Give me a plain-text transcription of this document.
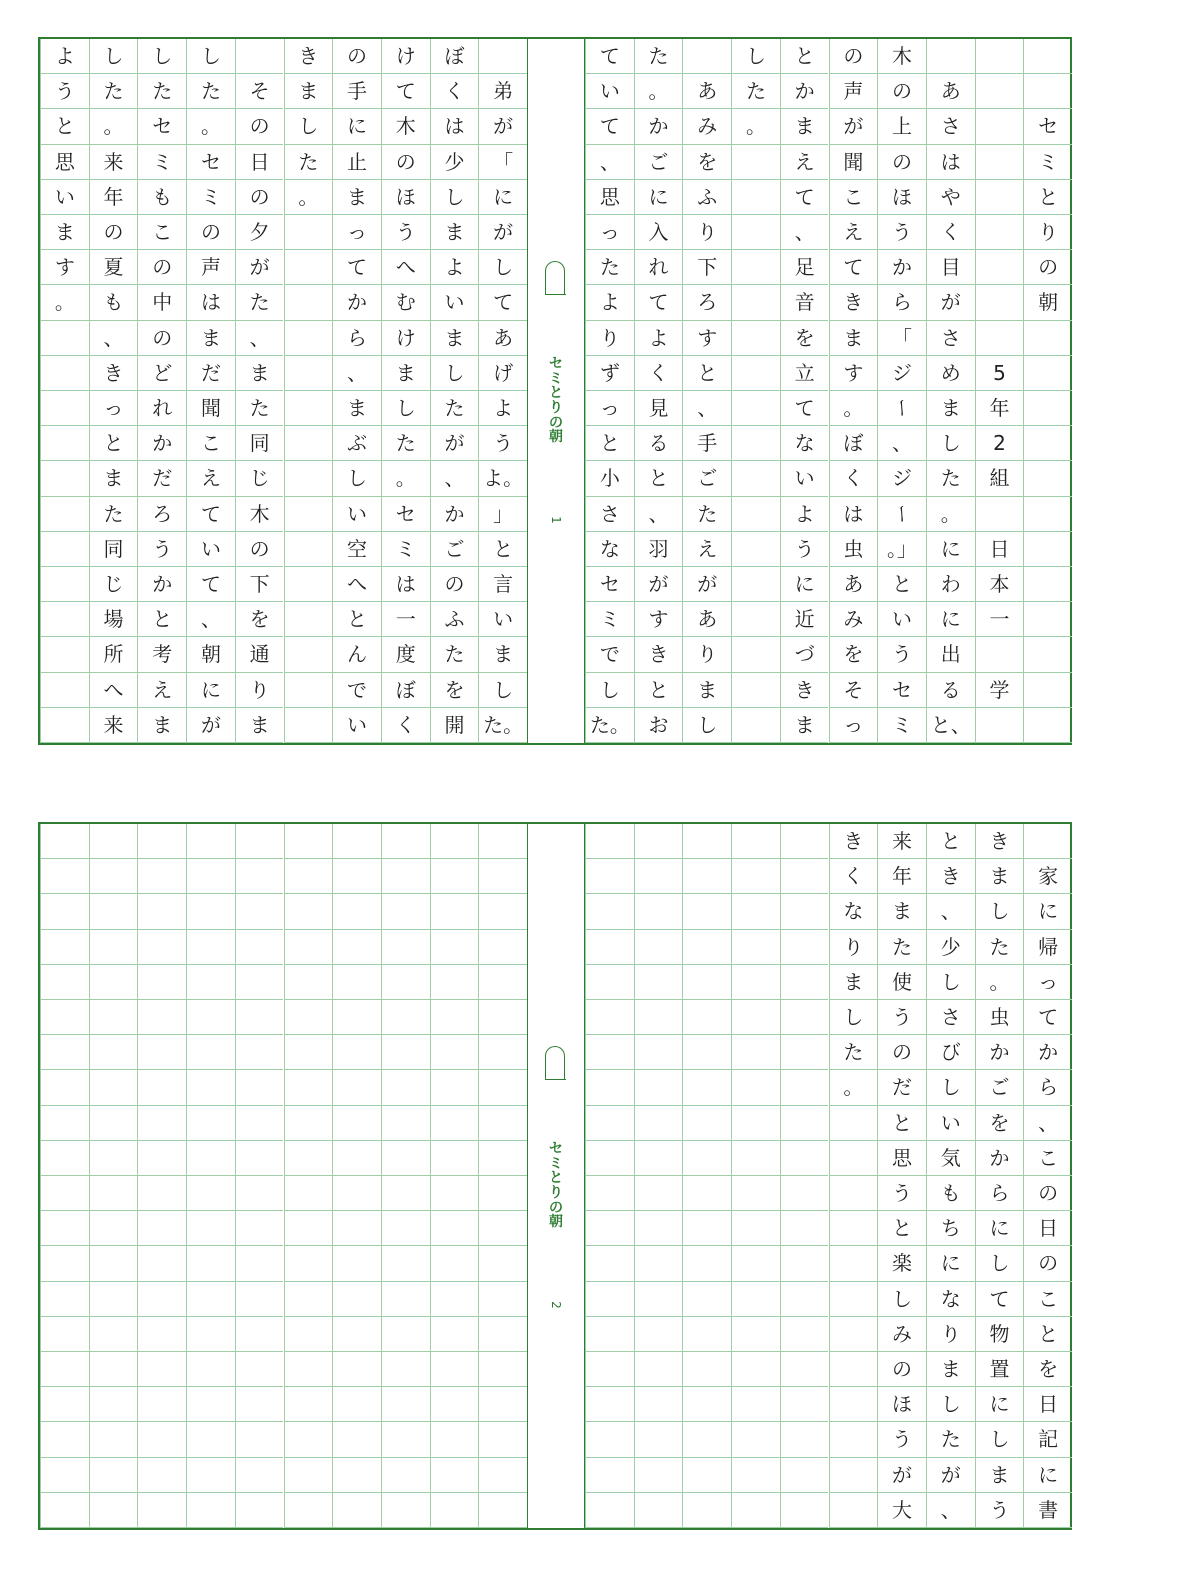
弟
が
「
に
が
し
て
あ
げ
よ
う
よ。
」
と
言
い
ま
し
た。
ぼ
く
は
少
し
ま
よ
い
ま
し
た
が
、
か
ご
の
ふ
た
を
開
け
て
木
の
ほ
う
へ
む
け
ま
し
た
。
セ
ミ
は
一
度
ぼ
く
の
手
に
止
ま
っ
て
か
ら
、
ま
ぶ
し
い
空
へ
と
ん
で
い
き
ま
し
た
。
そ
の
日
の
夕
が
た
、
ま
た
同
じ
木
の
下
を
通
り
ま
し
た
。
セ
ミ
の
声
は
ま
だ
聞
こ
え
て
い
て
、
朝
に
が
し
た
セ
ミ
も
こ
の
中
の
ど
れ
か
だ
ろ
う
か
と
考
え
ま
し
た
。
来
年
の
夏
も
、
き
っ
と
ま
た
同
じ
場
所
へ
来
よ
う
と
思
い
ま
す
。
セ
ミ
と
り
の
朝
1
セ
ミ
と
り
の
朝
5
年
2
組
日
本
一
学
あ
さ
は
や
く
目
が
さ
め
ま
し
た
。
に
わ
に
出
る
と、
木
の
上
の
ほ
う
か
ら
「
ジ
ー
、
ジ
ー
。」
と
い
う
セ
ミ
の
声
が
聞
こ
え
て
き
ま
す
。
ぼ
く
は
虫
あ
み
を
そ
っ
と
か
ま
え
て
、
足
音
を
立
て
な
い
よ
う
に
近
づ
き
ま
し
た
。
あ
み
を
ふ
り
下
ろ
す
と
、
手
ご
た
え
が
あ
り
ま
し
た
。
か
ご
に
入
れ
て
よ
く
見
る
と
、
羽
が
す
き
と
お
て
い
て
、
思
っ
た
よ
り
ず
っ
と
小
さ
な
セ
ミ
で
し
た。
セ
ミ
と
り
の
朝
2
家
に
帰
っ
て
か
ら
、
こ
の
日
の
こ
と
を
日
記
に
書
き
ま
し
た
。
虫
か
ご
を
か
ら
に
し
て
物
置
に
し
ま
う
と
き
、
少
し
さ
び
し
い
気
も
ち
に
な
り
ま
し
た
が
、
来
年
ま
た
使
う
の
だ
と
思
う
と
楽
し
み
の
ほ
う
が
大
き
く
な
り
ま
し
た
。
